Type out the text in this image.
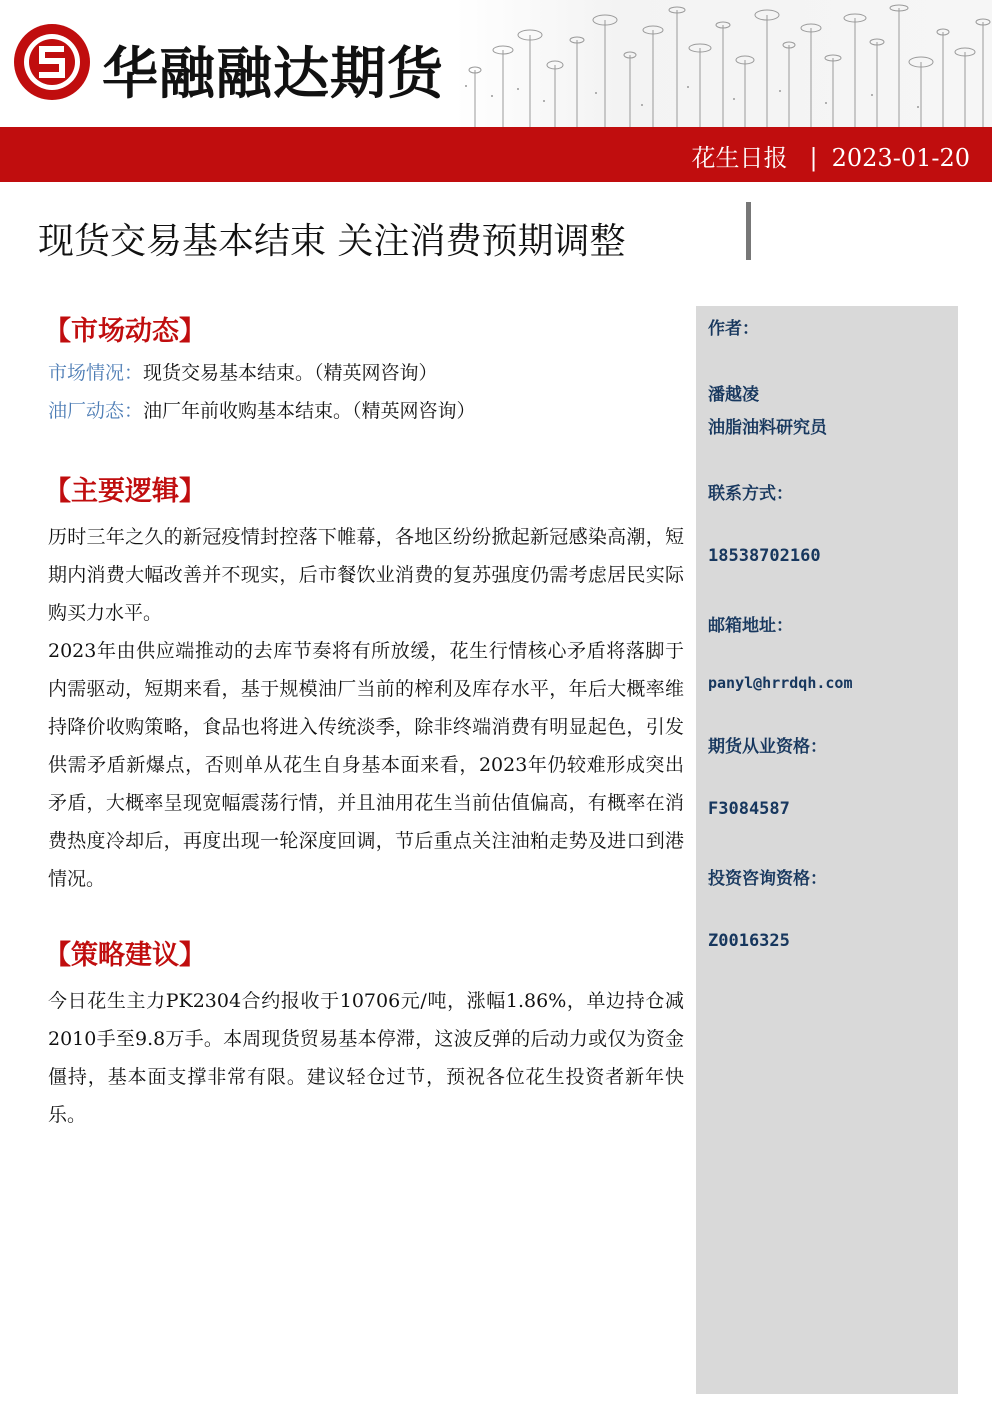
华融融达期货
花生日报 | 2023-01-20
现货交易基本结束 关注消费预期调整
【市场动态】
市场情况：现货交易基本结束。（精英网咨询）
油厂动态：油厂年前收购基本结束。（精英网咨询）
【主要逻辑】

历时三年之久的新冠疫情封控落下帷幕，各地区纷纷掀起新冠感染高潮，短期内消费大幅改善并不现实，后市餐饮业消费的复苏强度仍需考虑居民实际购买力水平。

2023年由供应端推动的去库节奏将有所放缓，花生行情核心矛盾将落脚于内需驱动，短期来看，基于规模油厂当前的榨利及库存水平，年后大概率维持降价收购策略，食品也将进入传统淡季，除非终端消费有明显起色，引发供需矛盾新爆点，否则单从花生自身基本面来看，2023年仍较难形成突出矛盾，大概率呈现宽幅震荡行情，并且油用花生当前估值偏高，有概率在消费热度冷却后，再度出现一轮深度回调，节后重点关注油粕走势及进口到港情况。

【策略建议】

今日花生主力PK2304合约报收于10706元/吨，涨幅1.86%，单边持仓减2010手至9.8万手。本周现货贸易基本停滞，这波反弹的后动力或仅为资金僵持，基本面支撑非常有限。建议轻仓过节，预祝各位花生投资者新年快乐。

作者：
潘越凌
油脂油料研究员
联系方式：
18538702160
邮箱地址：
panyl@hrrdqh.com
期货从业资格：
F3084587
投资咨询资格：
Z0016325
